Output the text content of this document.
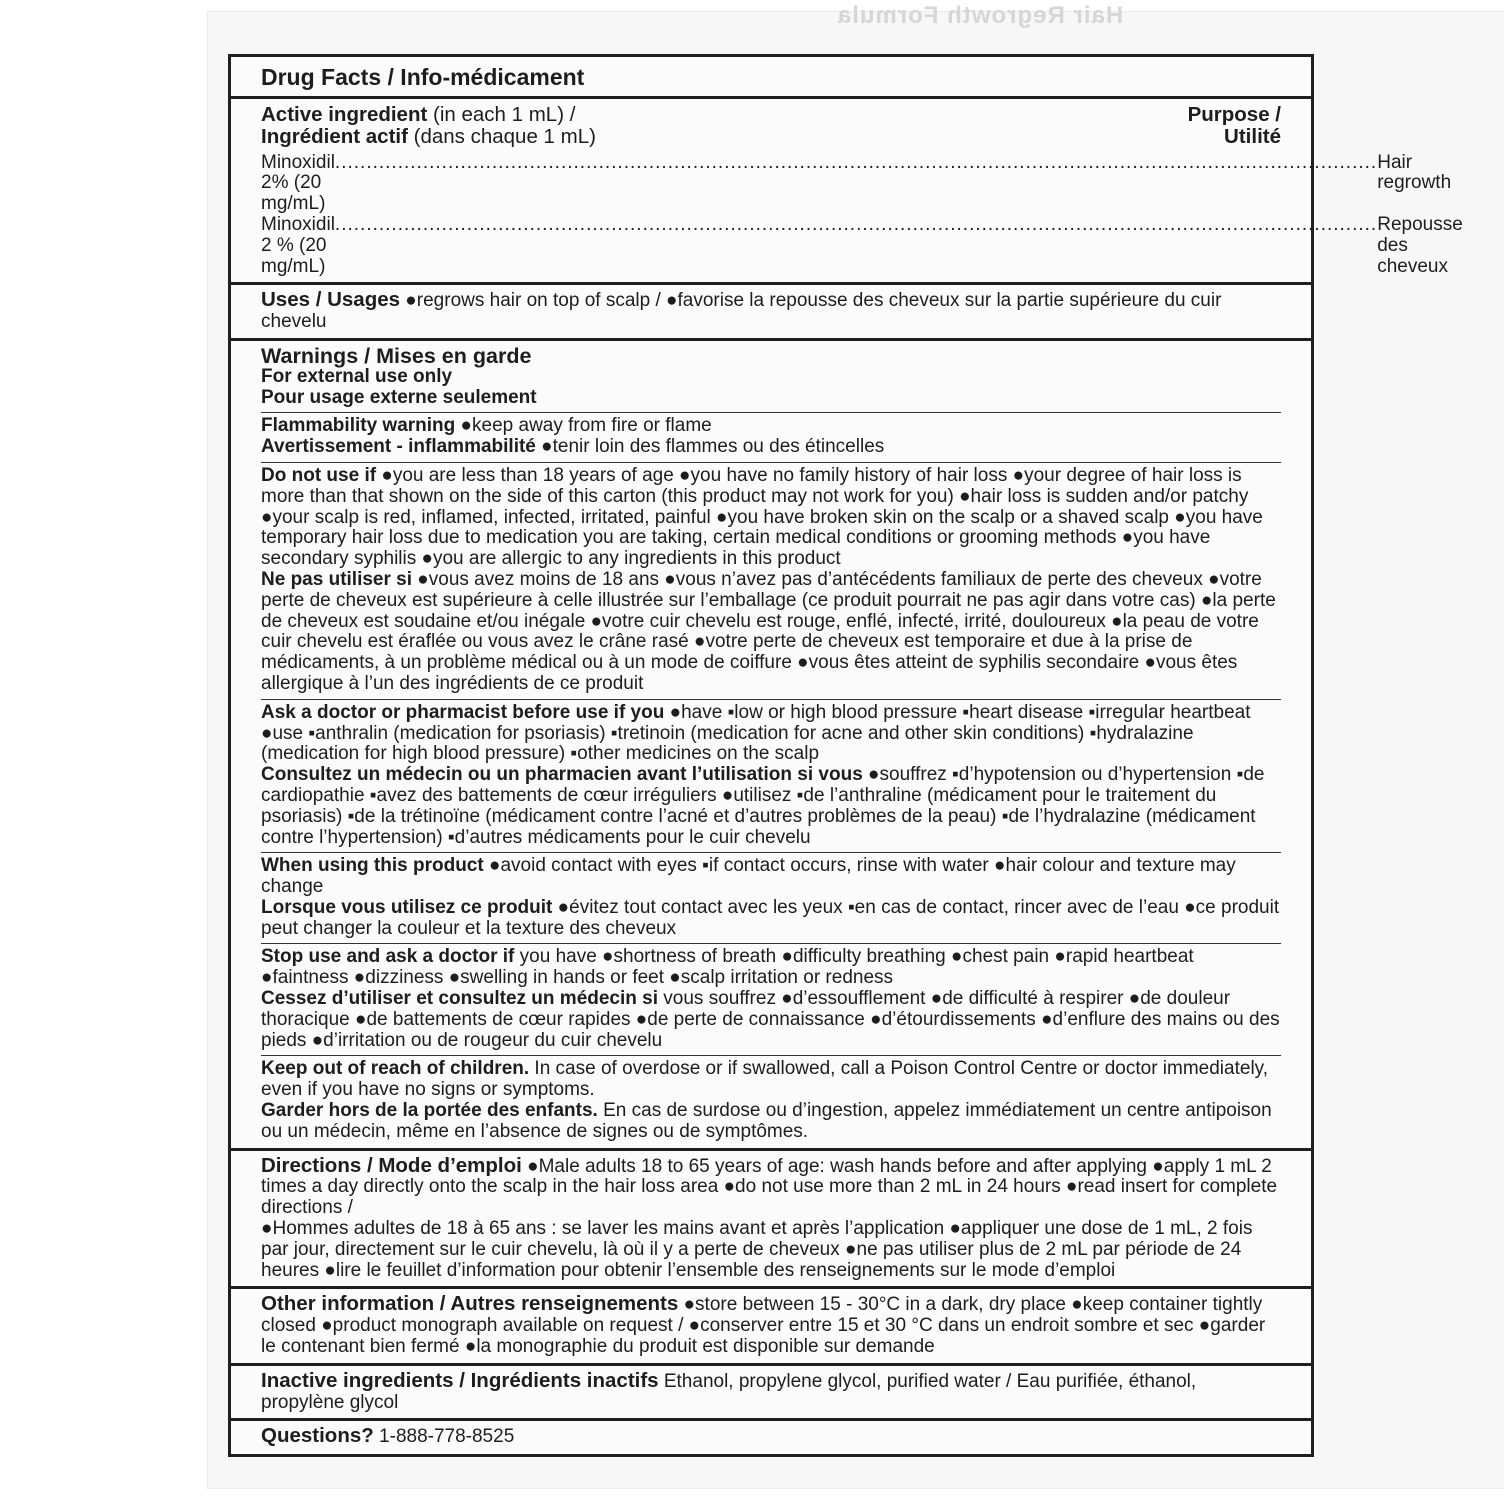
Hair Regrowth Formula
Drug Facts / Info-médicament
Active ingredient (in each 1 mL) /
Ingrédient actif (dans chaque 1 mL)
Purpose /
Utilité
Minoxidil 2% (20 mg/mL)
...................................................................................................................................................................... Hair regrowth
Minoxidil 2 % (20 mg/mL)
...................................................................................................................................................................... Repousse des cheveux
Uses / Usages ●regrows hair on top of scalp / ●favorise la repousse des cheveux sur la partie supérieure du cuir chevelu
Warnings / Mises en garde
For external use only
Pour usage externe seulement
Flammability warning ●keep away from fire or flame
Avertissement - inflammabilité ●tenir loin des flammes ou des étincelles
Do not use if ●you are less than 18 years of age ●you have no family history of hair loss ●your degree of hair loss is more than that shown on the side of this carton (this product may not work for you) ●hair loss is sudden and/or patchy ●your scalp is red, inflamed, infected, irritated, painful ●you have broken skin on the scalp or a shaved scalp ●you have temporary hair loss due to medication you are taking, certain medical conditions or grooming methods ●you have secondary syphilis ●you are allergic to any ingredients in this product
Ne pas utiliser si ●vous avez moins de 18 ans ●vous n’avez pas d’antécédents familiaux de perte des cheveux ●votre perte de cheveux est supérieure à celle illustrée sur l’emballage (ce produit pourrait ne pas agir dans votre cas) ●la perte de cheveux est soudaine et/ou inégale ●votre cuir chevelu est rouge, enflé, infecté, irrité, douloureux ●la peau de votre cuir chevelu est éraflée ou vous avez le crâne rasé ●votre perte de cheveux est temporaire et due à la prise de médicaments, à un problème médical ou à un mode de coiffure ●vous êtes atteint de syphilis secondaire ●vous êtes allergique à l’un des ingrédients de ce produit
Ask a doctor or pharmacist before use if you ●have ▪low or high blood pressure ▪heart disease ▪irregular heartbeat ●use ▪anthralin (medication for psoriasis) ▪tretinoin (medication for acne and other skin conditions) ▪hydralazine (medication for high blood pressure) ▪other medicines on the scalp
Consultez un médecin ou un pharmacien avant l’utilisation si vous ●souffrez ▪d’hypotension ou d’hypertension ▪de cardiopathie ▪avez des battements de cœur irréguliers ●utilisez ▪de l’anthraline (médicament pour le traitement du psoriasis) ▪de la trétinoïne (médicament contre l’acné et d’autres problèmes de la peau) ▪de l’hydralazine (médicament contre l’hypertension) ▪d’autres médicaments pour le cuir chevelu
When using this product ●avoid contact with eyes ▪if contact occurs, rinse with water ●hair colour and texture may change
Lorsque vous utilisez ce produit ●évitez tout contact avec les yeux ▪en cas de contact, rincer avec de l’eau ●ce produit peut changer la couleur et la texture des cheveux
Stop use and ask a doctor if you have ●shortness of breath ●difficulty breathing ●chest pain ●rapid heartbeat ●faintness ●dizziness ●swelling in hands or feet ●scalp irritation or redness
Cessez d’utiliser et consultez un médecin si vous souffrez ●d’essoufflement ●de difficulté à respirer ●de douleur thoracique ●de battements de cœur rapides ●de perte de connaissance ●d’étourdissements ●d’enflure des mains ou des pieds ●d’irritation ou de rougeur du cuir chevelu
Keep out of reach of children. In case of overdose or if swallowed, call a Poison Control Centre or doctor immediately, even if you have no signs or symptoms.
Garder hors de la portée des enfants. En cas de surdose ou d’ingestion, appelez immédiatement un centre antipoison ou un médecin, même en l’absence de signes ou de symptômes.
Directions / Mode d’emploi ●Male adults 18 to 65 years of age: wash hands before and after applying ●apply 1 mL 2 times a day directly onto the scalp in the hair loss area ●do not use more than 2 mL in 24 hours ●read insert for complete directions /
●Hommes adultes de 18 à 65 ans : se laver les mains avant et après l’application ●appliquer une dose de 1 mL, 2 fois par jour, directement sur le cuir chevelu, là où il y a perte de cheveux ●ne pas utiliser plus de 2 mL par période de 24 heures ●lire le feuillet d’information pour obtenir l’ensemble des renseignements sur le mode d’emploi
Other information / Autres renseignements ●store between 15 - 30°C in a dark, dry place ●keep container tightly closed ●product monograph available on request / ●conserver entre 15 et 30 °C dans un endroit sombre et sec ●garder le contenant bien fermé ●la monographie du produit est disponible sur demande
Inactive ingredients / Ingrédients inactifs Ethanol, propylene glycol, purified water / Eau purifiée, éthanol, propylène glycol
Questions? 1-888-778-8525
